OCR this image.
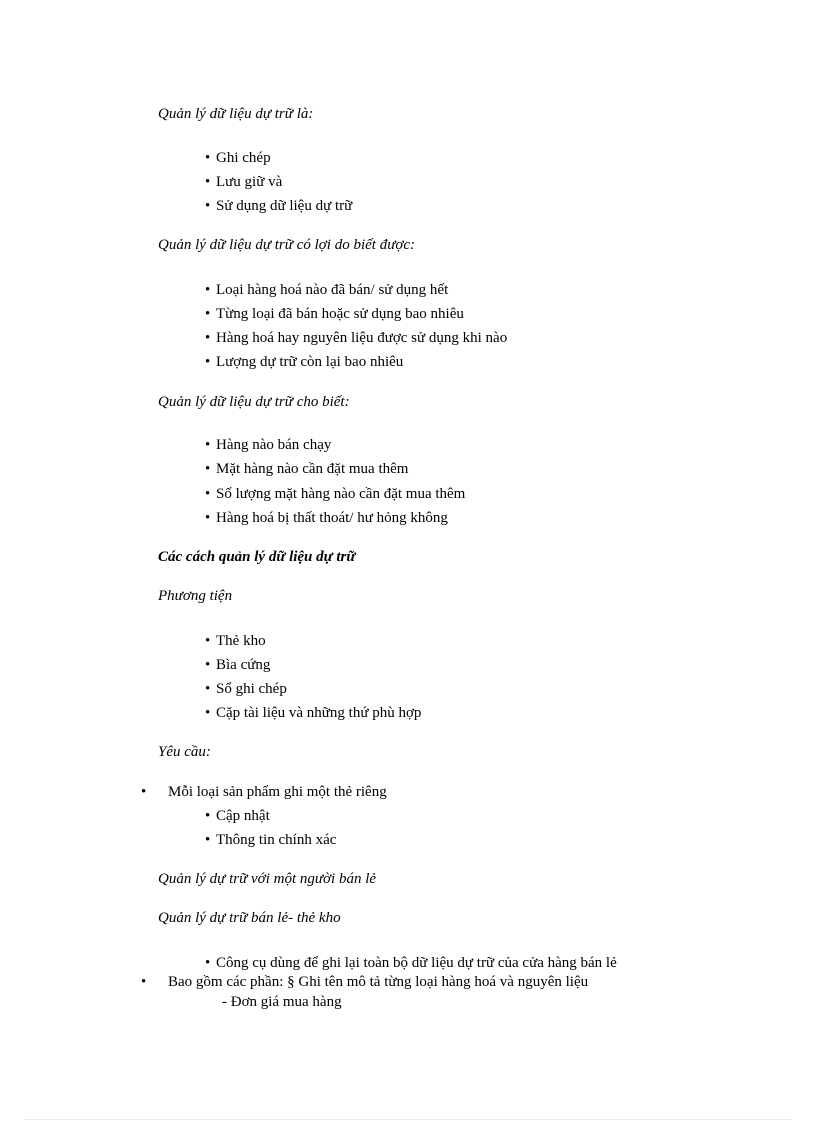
Quản lý dữ liệu dự trữ là:
• Ghi chép
• Lưu giữ và
• Sử dụng dữ liệu dự trữ
Quản lý dữ liệu dự trữ có lợi do biết được:
• Loại hàng hoá nào đã bán/ sử dụng hết
• Từng loại đã bán hoặc sử dụng bao nhiêu
• Hàng hoá hay nguyên liệu được sử dụng khi nào
• Lượng dự trữ còn lại bao nhiêu
Quản lý dữ liệu dự trữ cho biết:
• Hàng nào bán chạy
• Mặt hàng nào cần đặt mua thêm
• Số lượng mặt hàng nào cần đặt mua thêm
• Hàng hoá bị thất thoát/ hư hỏng không
Các cách quản lý dữ liệu dự trữ
Phương tiện
• Thẻ kho
• Bìa cứng
• Sổ ghi chép
• Cặp tài liệu và những thứ phù hợp
Yêu cầu:
• Mỗi loại sản phẩm ghi một thẻ riêng
• Cập nhật
• Thông tin chính xác
Quản lý dự trữ với một người bán lẻ
Quản lý dự trữ bán lẻ- thẻ kho
• Công cụ dùng để ghi lại toàn bộ dữ liệu dự trữ của cửa hàng bán lẻ
• Bao gồm các phần: § Ghi tên mô tả từng loại hàng hoá và nguyên liệu
- Đơn giá mua hàng
